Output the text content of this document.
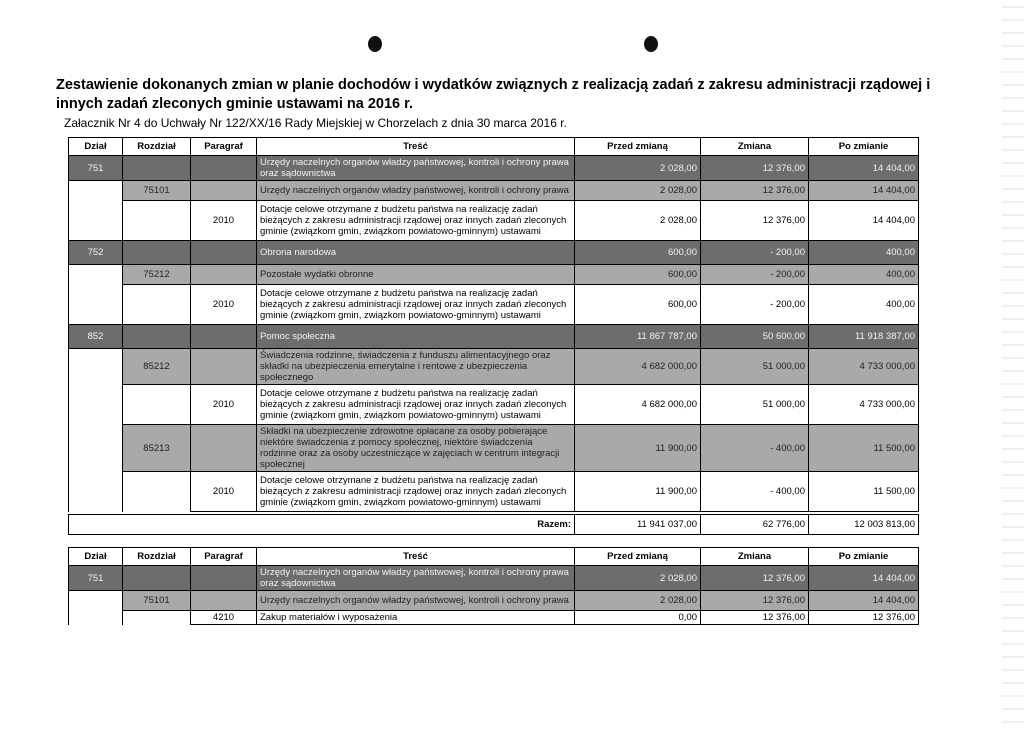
Zestawienie dokonanych zmian w planie dochodów i wydatków związnych z realizacją zadań z zakresu administracji rządowej i innych zadań zleconych gminie ustawami na 2016 r.
Załacznik Nr 4 do Uchwały Nr 122/XX/16 Rady Miejskiej w Chorzelach z dnia 30 marca 2016 r.
Dział	Rozdział	Paragraf	Treść	Przed zmianą	Zmiana	Po zmianie
751			Urzędy naczelnych organów władzy państwowej, kontroli i ochrony prawa oraz sądownictwa	2 028,00	12 376,00	14 404,00
	75101		Urzędy naczelnych organów władzy państwowej, kontroli i ochrony prawa	2 028,00	12 376,00	14 404,00
		2010	Dotacje celowe otrzymane z budżetu państwa na realizację zadań bieżących z zakresu administracji rządowej oraz innych zadań zleconych gminie (związkom gmin, związkom powiatowo-gminnym) ustawami	2 028,00	12 376,00	14 404,00
752			Obrona narodowa	600,00	- 200,00	400,00
	75212		Pozostałe wydatki obronne	600,00	- 200,00	400,00
		2010	Dotacje celowe otrzymane z budżetu państwa na realizację zadań bieżących z zakresu administracji rządowej oraz innych zadań zleconych gminie (związkom gmin, związkom powiatowo-gminnym) ustawami	600,00	- 200,00	400,00
852			Pomoc społeczna	11 867 787,00	50 600,00	11 918 387,00
	85212		Świadczenia rodzinne, świadczenia z funduszu alimentacyjnego oraz składki na ubezpieczenia emerytalne i rentowe z ubezpieczenia społecznego	4 682 000,00	51 000,00	4 733 000,00
		2010	Dotacje celowe otrzymane z budżetu państwa na realizację zadań bieżących z zakresu administracji rządowej oraz innych zadań zleconych gminie (związkom gmin, związkom powiatowo-gminnym) ustawami	4 682 000,00	51 000,00	4 733 000,00
	85213		Składki na ubezpieczenie zdrowotne opłacane za osoby pobierające niektóre świadczenia z pomocy społecznej, niektóre świadczenia rodzinne oraz za osoby uczestniczące w zajęciach w centrum integracji społecznej	11 900,00	- 400,00	11 500,00
		2010	Dotacje celowe otrzymane z budżetu państwa na realizację zadań bieżących z zakresu administracji rządowej oraz innych zadań zleconych gminie (związkom gmin, związkom powiatowo-gminnym) ustawami	11 900,00	- 400,00	11 500,00
Razem:	11 941 037,00	62 776,00	12 003 813,00
Dział	Rozdział	Paragraf	Treść	Przed zmianą	Zmiana	Po zmianie
751			Urzędy naczelnych organów władzy państwowej, kontroli i ochrony prawa oraz sądownictwa	2 028,00	12 376,00	14 404,00
	75101		Urzędy naczelnych organów władzy państwowej, kontroli i ochrony prawa	2 028,00	12 376,00	14 404,00
		4210	Zakup materiałów i wyposażenia	0,00	12 376,00	12 376,00
